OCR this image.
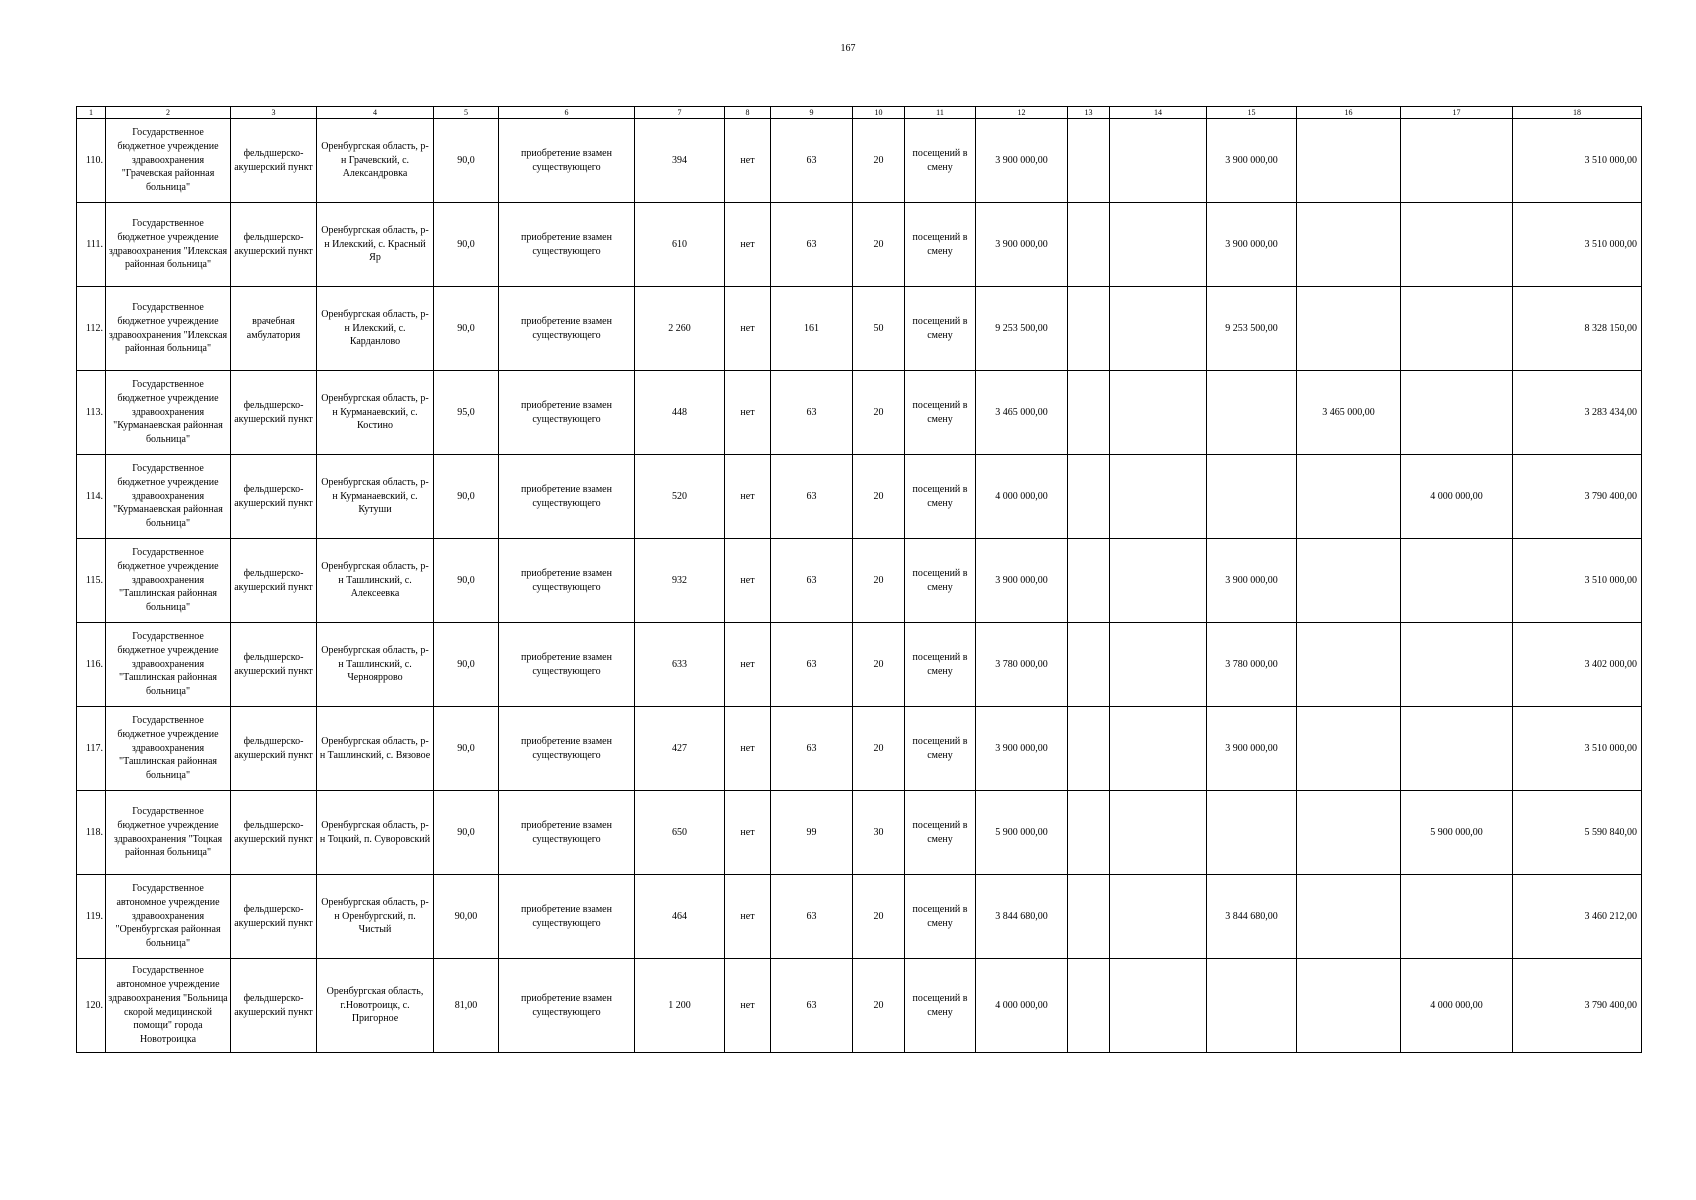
167
1	2	3	4	5	6	7	8	9	10	11	12	13	14	15	16	17	18
110.	Государственное бюджетное учреждение здравоохранения "Грачевская районная больница"	фельдшерско-акушерский пункт	Оренбургская область, р-н Грачевский, с. Александровка	90,0	приобретение взамен существующего	394	нет	63	20	посещений в смену	3 900 000,00			3 900 000,00			3 510 000,00
111.	Государственное бюджетное учреждение здравоохранения "Илекская районная больница"	фельдшерско-акушерский пункт	Оренбургская область, р-н Илекский, с. Красный Яр	90,0	приобретение взамен существующего	610	нет	63	20	посещений в смену	3 900 000,00			3 900 000,00			3 510 000,00
112.	Государственное бюджетное учреждение здравоохранения "Илекская районная больница"	врачебная амбулатория	Оренбургская область, р-н Илекский, с. Карданлово	90,0	приобретение взамен существующего	2 260	нет	161	50	посещений в смену	9 253 500,00			9 253 500,00			8 328 150,00
113.	Государственное бюджетное учреждение здравоохранения "Курманаевская районная больница"	фельдшерско-акушерский пункт	Оренбургская область, р-н Курманаевский, с. Костино	95,0	приобретение взамен существующего	448	нет	63	20	посещений в смену	3 465 000,00				3 465 000,00		3 283 434,00
114.	Государственное бюджетное учреждение здравоохранения "Курманаевская районная больница"	фельдшерско-акушерский пункт	Оренбургская область, р-н Курманаевский, с. Кутуши	90,0	приобретение взамен существующего	520	нет	63	20	посещений в смену	4 000 000,00					4 000 000,00	3 790 400,00
115.	Государственное бюджетное учреждение здравоохранения "Ташлинская районная больница"	фельдшерско-акушерский пункт	Оренбургская область, р-н Ташлинский, с. Алексеевка	90,0	приобретение взамен существующего	932	нет	63	20	посещений в смену	3 900 000,00			3 900 000,00			3 510 000,00
116.	Государственное бюджетное учреждение здравоохранения "Ташлинская районная больница"	фельдшерско-акушерский пункт	Оренбургская область, р-н Ташлинский, с. Чернояррово	90,0	приобретение взамен существующего	633	нет	63	20	посещений в смену	3 780 000,00			3 780 000,00			3 402 000,00
117.	Государственное бюджетное учреждение здравоохранения "Ташлинская районная больница"	фельдшерско-акушерский пункт	Оренбургская область, р-н Ташлинский, с. Вязовое	90,0	приобретение взамен существующего	427	нет	63	20	посещений в смену	3 900 000,00			3 900 000,00			3 510 000,00
118.	Государственное бюджетное учреждение здравоохранения "Тоцкая районная больница"	фельдшерско-акушерский пункт	Оренбургская область, р-н Тоцкий, п. Суворовский	90,0	приобретение взамен существующего	650	нет	99	30	посещений в смену	5 900 000,00					5 900 000,00	5 590 840,00
119.	Государственное автономное учреждение здравоохранения "Оренбургская районная больница"	фельдшерско-акушерский пункт	Оренбургская область, р-н Оренбургский, п. Чистый	90,00	приобретение взамен существующего	464	нет	63	20	посещений в смену	3 844 680,00			3 844 680,00			3 460 212,00
120.	Государственное автономное учреждение здравоохранения "Больница скорой медицинской помощи" города Новотроицка	фельдшерско-акушерский пункт	Оренбургская область, г.Новотроицк, с. Пригорное	81,00	приобретение взамен существующего	1 200	нет	63	20	посещений в смену	4 000 000,00					4 000 000,00	3 790 400,00
